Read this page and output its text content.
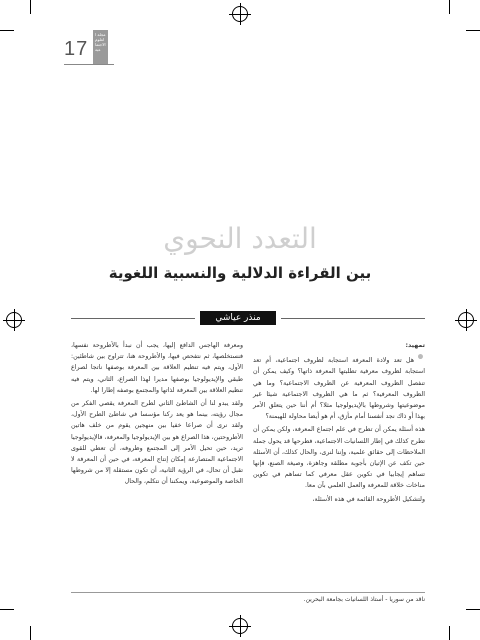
17
مجلة العلوم الاجتماعية
التعدد النحوي
بين القراءة الدلالية والنسبية اللغوية
منذر عياشي

تمهيد:

•هل تعد ولادة المعرفة استجابة لظروف اجتماعية، أم تعد استجابة لظروف معرفية تطلبتها المعرفة ذاتها؟ وكيف يمكن أن تنفصل الظروف المعرفية عن الظروف الاجتماعية؟ وما هي الظروف المعرفية؟ ثم ما هي الظروف الاجتماعية شيئا غير موضوعيتها وشروطها بالإيديولوجيا مثلا؟ أم أننا حين يتعلق الأمر بهذا أو ذاك نجد أنفسنا أمام مأزق، أم هو أيضا محاولة للهيمنة؟

هذه أسئلة يمكن أن تطرح في علم اجتماع المعرفة، ولكن يمكن أن تطرح كذلك في إطار اللسانيات الاجتماعية، فطرحها قد يحول جملة الملاحظات إلى حقائق علمية، وإننا لنرى، والحال كذلك، أن الأسئلة حين تكف عن الإتيان بأجوبة مطلقة وجاهزة، وصيغة الصنع، فإنها تساهم إيجابيا في تكوين عقل معرفي كما تساهم في تكوين مناخات خلاقة للمعرفة والعمل العلمي بآن معا.

ولتشكيل الأطروحة القائمة في هذه الأسئلة،

ومعرفة الهاجس الدافع إليها، يجب أن نبدأ بالأطروحة نفسها، فنستخلصها، ثم نتفحص فيها، والأطروحة هنا، تتراوح بين شاطئين: الأول، ويتم فيه تنظيم العلاقة بين المعرفة بوصفها ناتجا لصراع طبقي والإيديولوجيا بوصفها مديرا لهذا الصراع، الثاني، ويتم فيه تنظيم العلاقة بين المعرفة لذاتها والمجتمع بوصفه إطارا لها.

ولقد يبدو لنا أن الشاطئ الثاني لطرح المعرفة يقصي الفكر من مجال رؤيته، بينما هو يعد ركنا مؤسسا في شاطئ الطرح الأول، ولقد نرى أن صراعا خفيا بين منهجين يقوم من خلف هاتين الأطروحتين، هذا الصراع هو بين الإيديولوجيا والمعرفة، فالإيديولوجيا تريد، حين تحيل الأمر إلى المجتمع وظروفه، أن تعطي للقوى الاجتماعية المتصارعة إمكان إنتاج المعرفة، في حين أن المعرفة لا تقبل أن تحال، في الرؤية الثانية، أن تكون مستقلة إلا من شروطها الخاصة والموضوعية، ويمكننا أن نتكلم، والحال

ناقد من سوريا - أستاذ اللسانيات بجامعة البحرين.
